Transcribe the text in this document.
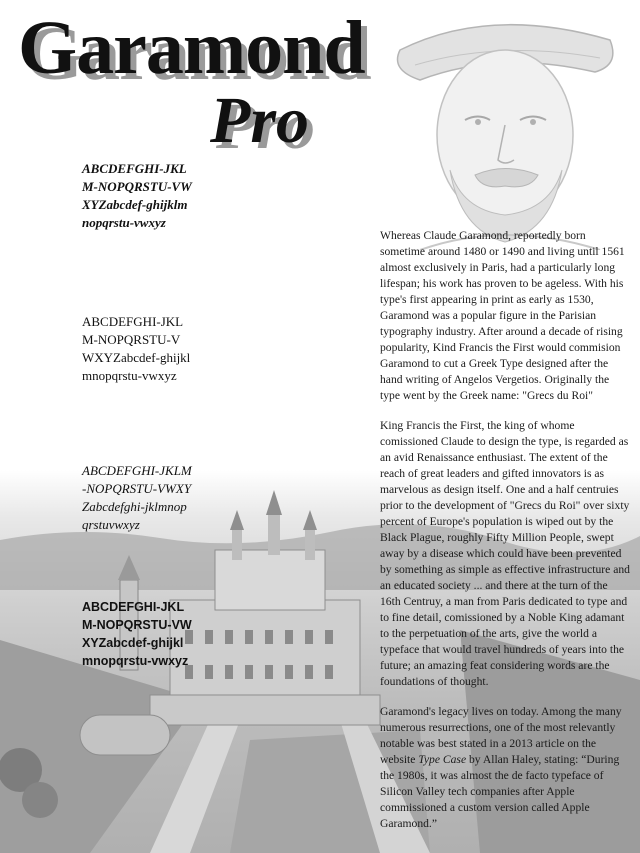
Garamond
Pro
ABCDEFGHI-JKLM-NOPQRSTU-VWXYZabcdef-ghijklmnopqrstu-vwxyz
ABCDEFGHI-JKLM-NOPQRSTU-VWXYZabcdef-ghijklmnopqrstu-vwxyz
ABCDEFGHI-JKLM-NOPQRSTU-VWXYZabcdefghi-jklmnopqrstuvwxyz
ABCDEFGHI-JKLM-NOPQRSTU-VWXYZabcdef-ghijklmnopqrstu-vwxyz

Whereas Claude Garamond, reportedly born sometime around 1480 or 1490 and living until 1561 almost exclusively in Paris, had a particularly long lifespan; his work has proven to be ageless. With his type's first appearing in print as early as 1530, Garamond was a popular figure in the Parisian typography industry. After around a decade of rising popularity, Kind Francis the First would commision Garamond to cut a Greek Type designed after the hand writing of Angelos Vergetios. Originally the type went by the Greek name: "Grecs du Roi"

King Francis the First, the king of whome comissioned Claude to design the type, is regarded as an avid Renaissance enthusiast. The extent of the reach of great leaders and gifted innovators is as marvelous as design itself. One and a half centruies prior to the development of "Grecs du Roi" over sixty percent of Europe's population is wiped out by the Black Plague, roughly Fifty Million People, swept away by a disease which could have been prevented by something as simple as effective infrastructure and an educated society ... and there at the turn of the 16th Centruy, a man from Paris dedicated to type and to fine detail, comissioned by a Noble King adamant to the perpetuation of the arts, give the world a typeface that would travel hundreds of years into the future; an amazing feat considering words are the foundations of thought.

Garamond's legacy lives on today. Among the many numerous resurrections, one of the most relevantly notable was best stated in a 2013 article on the website Type Case by Allan Haley, stating: “During the 1980s, it was almost the de facto typeface of Silicon Valley tech companies after Apple commissioned a custom version called Apple Garamond.”
